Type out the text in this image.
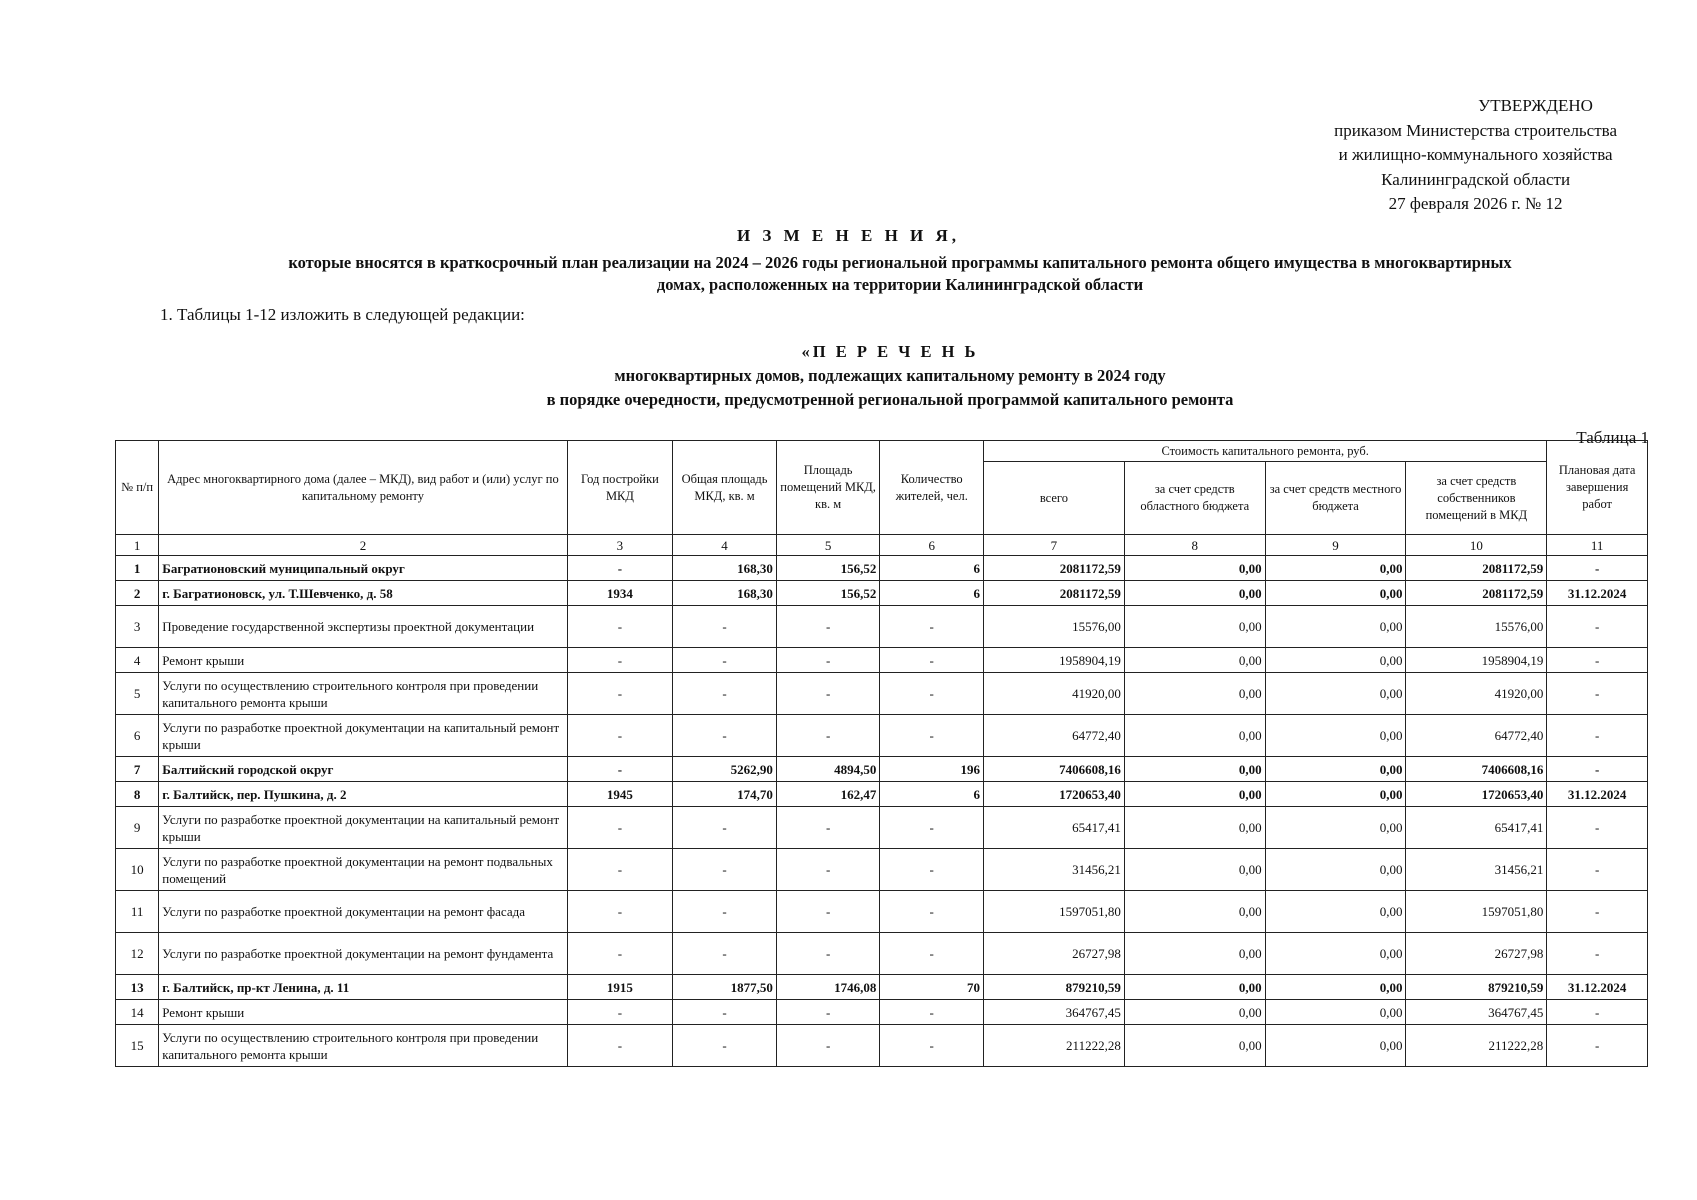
УТВЕРЖДЕНО
приказом Министерства строительства
и жилищно-коммунального хозяйства
Калининградской области
27 февраля 2026 г. № 12
И З М Е Н Е Н И Я,
которые вносятся в краткосрочный план реализации на 2024 – 2026 годы региональной программы капитального ремонта общего имущества в многоквартирных
домах, расположенных на территории Калининградской области
1. Таблицы 1-12 изложить в следующей редакции:
«П Е Р Е Ч Е Н Ь
многоквартирных домов, подлежащих капитальному ремонту в 2024 году
в порядке очередности, предусмотренной региональной программой капитального ремонта
Таблица 1
№ п/п	Адрес многоквартирного дома (далее – МКД), вид работ и (или) услуг по капитальному ремонту	Год постройки МКД	Общая площадь МКД, кв. м	Площадь помещений МКД, кв. м	Количество жителей, чел.	Стоимость капитального ремонта, руб.				Плановая дата завершения работ
						всего	за счет средств областного бюджета	за счет средств местного бюджета	за счет средств собственников помещений в МКД	
1	2	3	4	5	6	7	8	9	10	11
1	Багратионовский муниципальный округ	-	168,30	156,52	6	2081172,59	0,00	0,00	2081172,59	-
2	г. Багратионовск, ул. Т.Шевченко, д. 58	1934	168,30	156,52	6	2081172,59	0,00	0,00	2081172,59	31.12.2024
3	Проведение государственной экспертизы проектной документации	-	-	-	-	15576,00	0,00	0,00	15576,00	-
4	Ремонт крыши	-	-	-	-	1958904,19	0,00	0,00	1958904,19	-
5	Услуги по осуществлению строительного контроля при проведении капитального ремонта крыши	-	-	-	-	41920,00	0,00	0,00	41920,00	-
6	Услуги по разработке проектной документации на капитальный ремонт крыши	-	-	-	-	64772,40	0,00	0,00	64772,40	-
7	Балтийский городской округ	-	5262,90	4894,50	196	7406608,16	0,00	0,00	7406608,16	-
8	г. Балтийск, пер. Пушкина, д. 2	1945	174,70	162,47	6	1720653,40	0,00	0,00	1720653,40	31.12.2024
9	Услуги по разработке проектной документации на капитальный ремонт крыши	-	-	-	-	65417,41	0,00	0,00	65417,41	-
10	Услуги по разработке проектной документации на ремонт подвальных помещений	-	-	-	-	31456,21	0,00	0,00	31456,21	-
11	Услуги по разработке проектной документации на ремонт фасада	-	-	-	-	1597051,80	0,00	0,00	1597051,80	-
12	Услуги по разработке проектной документации на ремонт фундамента	-	-	-	-	26727,98	0,00	0,00	26727,98	-
13	г. Балтийск, пр-кт Ленина, д. 11	1915	1877,50	1746,08	70	879210,59	0,00	0,00	879210,59	31.12.2024
14	Ремонт крыши	-	-	-	-	364767,45	0,00	0,00	364767,45	-
15	Услуги по осуществлению строительного контроля при проведении капитального ремонта крыши	-	-	-	-	211222,28	0,00	0,00	211222,28	-
